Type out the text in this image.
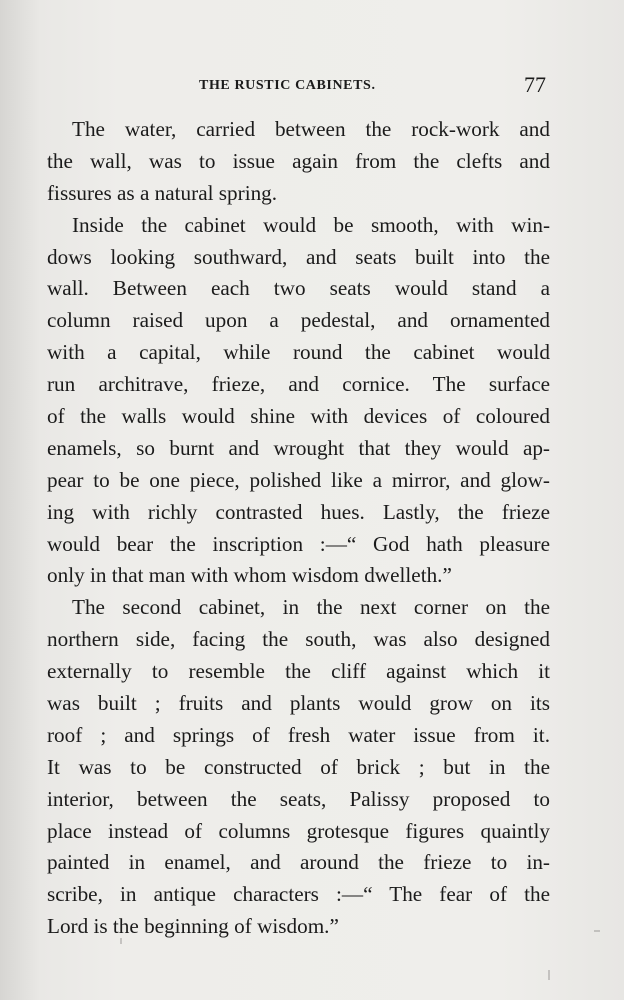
THE RUSTIC CABINETS.	77
The water, carried between the rock-work and
the wall, was to issue again from the clefts and
fissures as a natural spring.
Inside the cabinet would be smooth, with win-
dows looking southward, and seats built into the
wall. Between each two seats would stand a
column raised upon a pedestal, and ornamented
with a capital, while round the cabinet would
run architrave, frieze, and cornice. The surface
of the walls would shine with devices of coloured
enamels, so burnt and wrought that they would ap-
pear to be one piece, polished like a mirror, and glow-
ing with richly contrasted hues. Lastly, the frieze
would bear the inscription :—“ God hath pleasure
only in that man with whom wisdom dwelleth.”
The second cabinet, in the next corner on the
northern side, facing the south, was also designed
externally to resemble the cliff against which it
was built ; fruits and plants would grow on its
roof ; and springs of fresh water issue from it.
It was to be constructed of brick ; but in the
interior, between the seats, Palissy proposed to
place instead of columns grotesque figures quaintly
painted in enamel, and around the frieze to in-
scribe, in antique characters :—“ The fear of the
Lord is the beginning of wisdom.”
